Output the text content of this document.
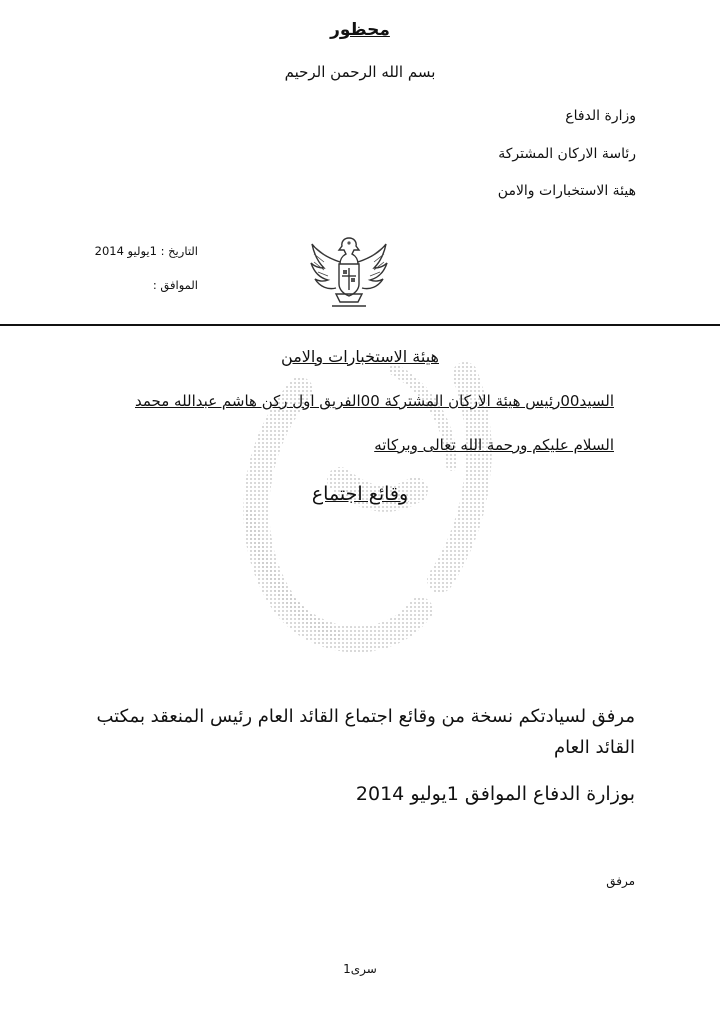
محظور
بسم الله الرحمن الرحيم
وزارة الدفاع
رئاسة الاركان المشتركة
هيئة الاستخبارات والامن
التاريخ : 1يوليو 2014
الموافق :
هيئة الاستخبارات والامن
السيد00رئيس هيئة الاركان المشتركة 00الفريق اول ركن هاشم عبدالله محمد
السلام عليكم ورحمة الله تعالى وبركاته
وقائع اجتماع
مرفق لسيادتكم نسخة من وقائع اجتماع القائد العام رئيس المنعقد بمكتب
القائد العام
بوزارة الدفاع الموافق 1يوليو 2014
مرفق
سرى1
